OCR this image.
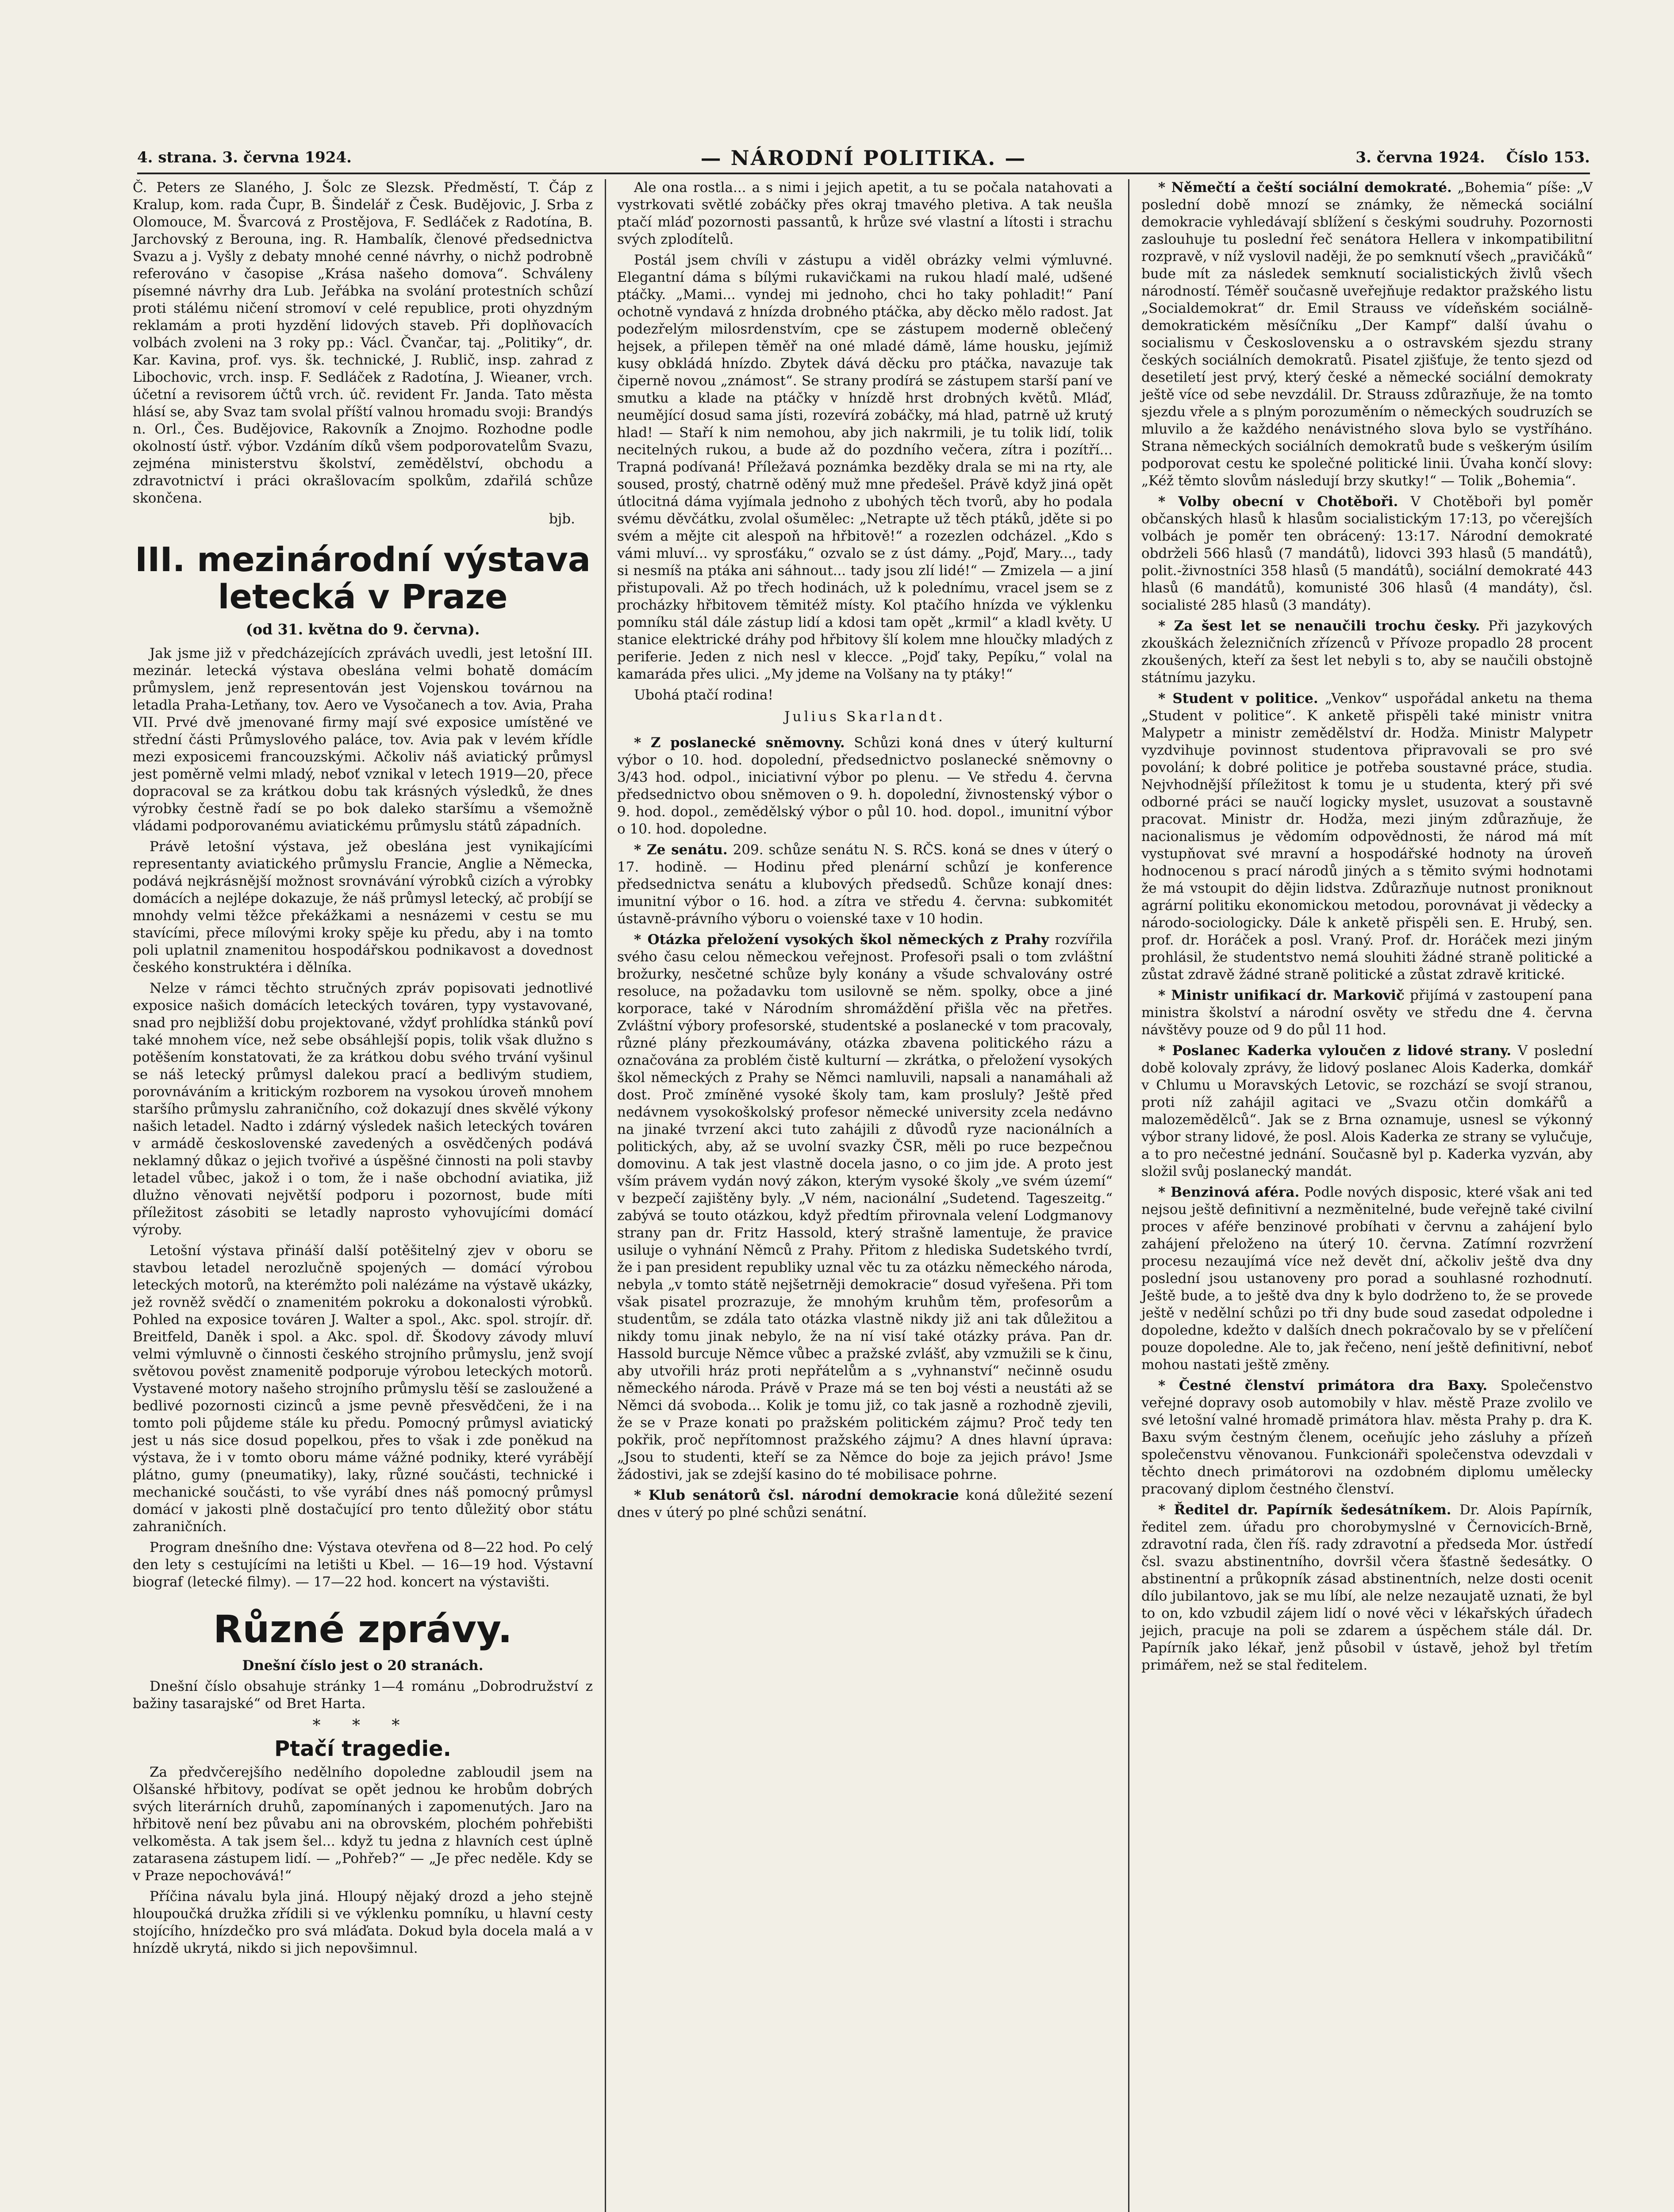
4. strana. 3. června 1924.	— NÁRODNÍ POLITIKA. —	3. června 1924. Číslo 153.

Č. Peters ze Slaného, J. Šolc ze Slezsk. Předměstí, T. Čáp z Kralup, kom. rada Čupr, B. Šindelář z Česk. Budějovic, J. Srba z Olomouce, M. Švarcová z Prostějova, F. Sedláček z Radotína, B. Jarchovský z Berouna, ing. R. Hambalík, členové předsednictva Svazu a j. Vyšly z debaty mnohé cenné návrhy, o nichž podrobně referováno v časopise „Krása našeho domova“. Schváleny písemné návrhy dra Lub. Jeřábka na svolání protestních schůzí proti stálému ničení stromoví v celé republice, proti ohyzdným reklamám a proti hyzdění lidových staveb. Při doplňovacích volbách zvoleni na 3 roky pp.: Václ. Čvančar, taj. „Politiky“, dr. Kar. Kavina, prof. vys. šk. technické, J. Rublič, insp. zahrad z Libochovic, vrch. insp. F. Sedláček z Radotína, J. Wieaner, vrch. účetní a revisorem účtů vrch. úč. revident Fr. Janda. Tato města hlásí se, aby Svaz tam svolal příští valnou hromadu svoji: Brandýs n. Orl., Čes. Budějovice, Rakovník a Znojmo. Rozhodne podle okolností ústř. výbor. Vzdáním díků všem podporovatelům Svazu, zejména ministerstvu školství, zemědělství, obchodu a zdravotnictví i práci okrašlovacím spolkům, zdařilá schůze skončena.

bjb.
III. mezinárodní výstava letecká v Praze
(od 31. května do 9. června).

Jak jsme již v předcházejících zprávách uvedli, jest letošní III. mezinár. letecká výstava obeslána velmi bohatě domácím průmyslem, jenž representován jest Vojenskou továrnou na letadla Praha-Letňany, tov. Aero ve Vysočanech a tov. Avia, Praha VII. Prvé dvě jmenované firmy mají své exposice umístěné ve střední části Průmyslového paláce, tov. Avia pak v levém křídle mezi exposicemi francouzskými. Ačkoliv náš aviatický průmysl jest poměrně velmi mladý, neboť vznikal v letech 1919—20, přece dopracoval se za krátkou dobu tak krásných výsledků, že dnes výrobky čestně řadí se po bok daleko staršímu a všemožně vládami podporovanému aviatickému průmyslu států západních.

Právě letošní výstava, jež obeslána jest vynikajícími representanty aviatického průmyslu Francie, Anglie a Německa, podává nejkrásnější možnost srovnávání výrobků cizích a výrobky domácích a nejlépe dokazuje, že náš průmysl letecký, ač probíjí se mnohdy velmi těžce překážkami a nesnázemi v cestu se mu stavícími, přece mílovými kroky spěje ku předu, aby i na tomto poli uplatnil znamenitou hospodářskou podnikavost a dovednost českého konstruktéra i dělníka.

Nelze v rámci těchto stručných zpráv popisovati jednotlivé exposice našich domácích leteckých továren, typy vystavované, snad pro nejbližší dobu projektované, vždyť prohlídka stánků poví také mnohem více, než sebe obsáhlejší popis, tolik však dlužno s potěšením konstatovati, že za krátkou dobu svého trvání vyšinul se náš letecký průmysl dalekou prací a bedlivým studiem, porovnáváním a kritickým rozborem na vysokou úroveň mnohem staršího průmyslu zahraničního, což dokazují dnes skvělé výkony našich letadel. Nadto i zdárný výsledek našich leteckých továren v armádě československé zavedených a osvědčených podává neklamný důkaz o jejich tvořivé a úspěšné činnosti na poli stavby letadel vůbec, jakož i o tom, že i naše obchodní aviatika, již dlužno věnovati největší podporu i pozornost, bude míti příležitost zásobiti se letadly naprosto vyhovujícími domácí výroby.

Letošní výstava přináší další potěšitelný zjev v oboru se stavbou letadel nerozlučně spojených — domácí výrobou leteckých motorů, na kterémžto poli nalézáme na výstavě ukázky, jež rovněž svědčí o znamenitém pokroku a dokonalosti výrobků. Pohled na exposice továren J. Walter a spol., Akc. spol. strojír. dř. Breitfeld, Daněk i spol. a Akc. spol. dř. Škodovy závody mluví velmi výmluvně o činnosti českého strojního průmyslu, jenž svojí světovou pověst znamenitě podporuje výrobou leteckých motorů. Vystavené motory našeho strojního průmyslu těší se zasloužené a bedlivé pozornosti cizinců a jsme pevně přesvědčeni, že i na tomto poli půjdeme stále ku předu. Pomocný průmysl aviatický jest u nás sice dosud popelkou, přes to však i zde poněkud na výstava, že i v tomto oboru máme vážné podniky, které vyrábějí plátno, gumy (pneumatiky), laky, různé součásti, technické i mechanické součásti, to vše vyrábí dnes náš pomocný průmysl domácí v jakosti plně dostačující pro tento důležitý obor státu zahraničních.

Program dnešního dne: Výstava otevřena od 8—22 hod. Po celý den lety s cestujícími na letišti u Kbel. — 16—19 hod. Výstavní biograf (letecké filmy). — 17—22 hod. koncert na výstavišti.

Různé zprávy.
Dnešní číslo jest o 20 stranách.

Dnešní číslo obsahuje stránky 1—4 románu „Dobrodružství z bažiny tasarajské“ od Bret Harta.

* * *
Ptačí tragedie.

Za předvčerejšího nedělního dopoledne zabloudil jsem na Olšanské hřbitovy, podívat se opět jednou ke hrobům dobrých svých literárních druhů, zapomínaných i zapomenutých. Jaro na hřbitově není bez půvabu ani na obrovském, plochém pohřebišti velkoměsta. A tak jsem šel... když tu jedna z hlavních cest úplně zatarasena zástupem lidí. — „Pohřeb?“ — „Je přec neděle. Kdy se v Praze nepochovává!“

Příčina návalu byla jiná. Hloupý nějaký drozd a jeho stejně hloupoučká družka zřídili si ve výklenku pomníku, u hlavní cesty stojícího, hnízdečko pro svá mláďata. Dokud byla docela malá a v hnízdě ukrytá, nikdo si jich nepovšimnul.

Ale ona rostla... a s nimi i jejich apetit, a tu se počala natahovati a vystrkovati světlé zobáčky přes okraj tmavého pletiva. A tak neušla ptačí mláď pozornosti passantů, k hrůze své vlastní a lítosti i strachu svých zplodítelů.

Postál jsem chvíli v zástupu a viděl obrázky velmi výmluvné. Elegantní dáma s bílými rukavičkami na rukou hladí malé, udšené ptáčky. „Mami... vyndej mi jednoho, chci ho taky pohladit!“ Paní ochotně vyndavá z hnízda drobného ptáčka, aby děcko mělo radost. Jat podezřelým milosrdenstvím, cpe se zástupem moderně oblečený hejsek, a přilepen těměř na oné mladé dámě, láme housku, jejímiž kusy obkládá hnízdo. Zbytek dává děcku pro ptáčka, navazuje tak čiperně novou „známost“. Se strany prodírá se zástupem starší paní ve smutku a klade na ptáčky v hnízdě hrst drobných květů. Mláď, neumějící dosud sama jísti, rozevírá zobáčky, má hlad, patrně už krutý hlad! — Staří k nim nemohou, aby jich nakrmili, je tu tolik lidí, tolik necitelných rukou, a bude až do pozdního večera, zítra i pozítří... Trapná podívaná! Příležavá poznámka bezděky drala se mi na rty, ale soused, prostý, chatrně oděný muž mne předešel. Právě když jiná opět útlocitná dáma vyjímala jednoho z ubohých těch tvorů, aby ho podala svému děvčátku, zvolal ošumělec: „Netrapte už těch ptáků, jděte si po svém a mějte cit alespoň na hřbitově!“ a rozezlen odcházel. „Kdo s vámi mluví... vy sprosťáku,“ ozvalo se z úst dámy. „Pojď, Mary..., tady si nesmíš na ptáka ani sáhnout... tady jsou zlí lidé!“ — Zmizela — a jiní přistupovali. Až po třech hodinách, už k polednímu, vracel jsem se z procházky hřbitovem těmitéž místy. Kol ptačího hnízda ve výklenku pomníku stál dále zástup lidí a kdosi tam opět „krmil“ a kladl květy. U stanice elektrické dráhy pod hřbitovy šlí kolem mne hloučky mladých z periferie. Jeden z nich nesl v klecce. „Pojď taky, Pepíku,“ volal na kamaráda přes ulici. „My jdeme na Volšany na ty ptáky!“

Ubohá ptačí rodina!

Julius Skarlandt.

* Z poslanecké sněmovny. Schůzi koná dnes v úterý kulturní výbor o 10. hod. dopolední, předsednictvo poslanecké sněmovny o 3/43 hod. odpol., iniciativní výbor po plenu. — Ve středu 4. června předsednictvo obou sněmoven o 9. h. dopolední, živnostenský výbor o 9. hod. dopol., zemědělský výbor o půl 10. hod. dopol., imunitní výbor o 10. hod. dopoledne.

* Ze senátu. 209. schůze senátu N. S. RČS. koná se dnes v úterý o 17. hodině. — Hodinu před plenární schůzí je konference předsednictva senátu a klubových předsedů. Schůze konají dnes: imunitní výbor o 16. hod. a zítra ve středu 4. června: subkomitét ústavně-právního výboru o voienské taxe v 10 hodin.

* Otázka přeložení vysokých škol německých z Prahy rozvířila svého času celou německou veřejnost. Profesoři psali o tom zvláštní brožurky, nesčetné schůze byly konány a všude schvalovány ostré resoluce, na požadavku tom usilovně se něm. spolky, obce a jiné korporace, také v Národním shromáždění přišla věc na přetřes. Zvláštní výbory profesorské, studentské a poslanecké v tom pracovaly, různé plány přezkoumávány, otázka zbavena politického rázu a označována za problém čistě kulturní — zkrátka, o přeložení vysokých škol německých z Prahy se Němci namluvili, napsali a nanamáhali až dost. Proč zmíněné vysoké školy tam, kam prosluly? Ještě před nedávnem vysokoškolský profesor německé university zcela nedávno na jinaké tvrzení akci tuto zahájili z důvodů ryze nacionálních a politických, aby, až se uvolní svazky ČSR, měli po ruce bezpečnou domovinu. A tak jest vlastně docela jasno, o co jim jde. A proto jest vším právem vydán nový zákon, kterým vysoké školy „ve svém území“ v bezpečí zajištěny byly. „V ném, nacionální „Sudetend. Tageszeitg.“ zabývá se touto otázkou, když předtím přirovnala velení Lodgmanovy strany pan dr. Fritz Hassold, který strašně lamentuje, že pravice usiluje o vyhnání Němců z Prahy. Přitom z hlediska Sudetského tvrdí, že i pan president republiky uznal věc tu za otázku německého národa, nebyla „v tomto státě nejšetrněji demokracie“ dosud vyřešena. Při tom však pisatel prozrazuje, že mnohým kruhům těm, profesorům a studentům, se zdála tato otázka vlastně nikdy již ani tak důležitou a nikdy tomu jinak nebylo, že na ní visí také otázky práva. Pan dr. Hassold burcuje Němce vůbec a pražské zvlášť, aby vzmužili se k činu, aby utvořili hráz proti nepřátelům a s „vyhnanství“ nečinně osudu německého národa. Právě v Praze má se ten boj vésti a neustáti až se Němci dá svoboda... Kolik je tomu již, co tak jasně a rozhodně zjevili, že se v Praze konati po pražském politickém zájmu? Proč tedy ten pokřik, proč nepřítomnost pražského zájmu? A dnes hlavní úprava: „Jsou to studenti, kteří se za Němce do boje za jejich právo! Jsme žádostivi, jak se zdejší kasino do té mobilisace pohrne.

* Klub senátorů čsl. národní demokracie koná důležité sezení dnes v úterý po plné schůzi senátní.

* Němečtí a čeští sociální demokraté. „Bohemia“ píše: „V poslední době mnozí se známky, že německá sociální demokracie vyhledávají sblížení s českými soudruhy. Pozornosti zaslouhuje tu poslední řeč senátora Hellera v inkompatibilitní rozpravě, v níž vyslovil naději, že po semknutí všech „pravičáků“ bude mít za následek semknutí socialistických živlů všech národností. Téměř současně uveřejňuje redaktor pražského listu „Socialdemokrat“ dr. Emil Strauss ve vídeňském sociálně-demokratickém měsíčníku „Der Kampf“ další úvahu o socialismu v Československu a o ostravském sjezdu strany českých sociálních demokratů. Pisatel zjišťuje, že tento sjezd od desetiletí jest prvý, který české a německé sociální demokraty ještě více od sebe nevzdálil. Dr. Strauss zdůrazňuje, že na tomto sjezdu vřele a s plným porozuměním o německých soudruzích se mluvilo a že každého nenávistného slova bylo se vystříháno. Strana německých sociálních demokratů bude s veškerým úsilím podporovat cestu ke společné politické linii. Úvaha končí slovy: „Kéž těmto slovům následují brzy skutky!“ — Tolik „Bohemia“.

* Volby obecní v Chotěboři. V Chotěboři byl poměr občanských hlasů k hlasům socialistickým 17:13, po včerejších volbách je poměr ten obrácený: 13:17. Národní demokraté obdrželi 566 hlasů (7 mandátů), lidovci 393 hlasů (5 mandátů), polit.-živnostníci 358 hlasů (5 mandátů), sociální demokraté 443 hlasů (6 mandátů), komunisté 306 hlasů (4 mandáty), čsl. socialisté 285 hlasů (3 mandáty).

* Za šest let se nenaučili trochu česky. Při jazykových zkouškách železničních zřízenců v Přívoze propadlo 28 procent zkoušených, kteří za šest let nebyli s to, aby se naučili obstojně státnímu jazyku.

* Student v politice. „Venkov“ uspořádal anketu na thema „Student v politice“. K anketě přispěli také ministr vnitra Malypetr a ministr zemědělství dr. Hodža. Ministr Malypetr vyzdvihuje povinnost studentova připravovali se pro své povolání; k dobré politice je potřeba soustavné práce, studia. Nejvhodnější příležitost k tomu je u studenta, který při své odborné práci se naučí logicky myslet, usuzovat a soustavně pracovat. Ministr dr. Hodža, mezi jiným zdůrazňuje, že nacionalismus je vědomím odpovědnosti, že národ má mít vystupňovat své mravní a hospodářské hodnoty na úroveň hodnocenou s prací národů jiných a s těmito svými hodnotami že má vstoupit do dějin lidstva. Zdůrazňuje nutnost proniknout agrární politiku ekonomickou metodou, porovnávat ji vědecky a národo-sociologicky. Dále k anketě přispěli sen. E. Hrubý, sen. prof. dr. Horáček a posl. Vraný. Prof. dr. Horáček mezi jiným prohlásil, že studentstvo nemá slouhiti žádné straně politické a zůstat zdravě žádné straně politické a zůstat zdravě kritické.

* Ministr unifikací dr. Markovič přijímá v zastoupení pana ministra školství a národní osvěty ve středu dne 4. června návštěvy pouze od 9 do půl 11 hod.

* Poslanec Kaderka vyloučen z lidové strany. V poslední době kolovaly zprávy, že lidový poslanec Alois Kaderka, domkář v Chlumu u Moravských Letovic, se rozchází se svojí stranou, proti níž zahájil agitaci ve „Svazu otčin domkářů a malozemědělců“. Jak se z Brna oznamuje, usnesl se výkonný výbor strany lidové, že posl. Alois Kaderka ze strany se vylučuje, a to pro nečestné jednání. Současně byl p. Kaderka vyzván, aby složil svůj poslanecký mandát.

* Benzinová aféra. Podle nových disposic, které však ani ted nejsou ještě definitivní a nezměnitelné, bude veřejně také civilní proces v aféře benzinové probíhati v červnu a zahájení bylo zahájení přeloženo na úterý 10. června. Zatímní rozvržení procesu nezaujímá více než devět dní, ačkoliv ještě dva dny poslední jsou ustanoveny pro porad a souhlasné rozhodnutí. Ještě bude, a to ještě dva dny k bylo dodrženo to, že se provede ještě v nedělní schůzi po tři dny bude soud zasedat odpoledne i dopoledne, kdežto v dalších dnech pokračovalo by se v přelíčení pouze dopoledne. Ale to, jak řečeno, není ještě definitivní, neboť mohou nastati ještě změny.

* Čestné členství primátora dra Baxy. Společenstvo veřejné dopravy osob automobily v hlav. městě Praze zvolilo ve své letošní valné hromadě primátora hlav. města Prahy p. dra K. Baxu svým čestným členem, oceňujíc jeho zásluhy a přízeň společenstvu věnovanou. Funkcionáři společenstva odevzdali v těchto dnech primátorovi na ozdobném diplomu umělecky pracovaný diplom čestného členství.

* Ředitel dr. Papírník šedesátníkem. Dr. Alois Papírník, ředitel zem. úřadu pro chorobymyslné v Černovicích-Brně, zdravotní rada, člen říš. rady zdravotní a předseda Mor. ústředí čsl. svazu abstinentního, dovršil včera šťastně šedesátky. O abstinentní a průkopník zásad abstinentních, nelze dosti ocenit dílo jubilantovo, jak se mu líbí, ale nelze nezaujatě uznati, že byl to on, kdo vzbudil zájem lidí o nové věci v lékařských úřadech jejich, pracuje na poli se zdarem a úspěchem stále dál. Dr. Papírník jako lékař, jenž působil v ústavě, jehož byl třetím primářem, než se stal ředitelem.
